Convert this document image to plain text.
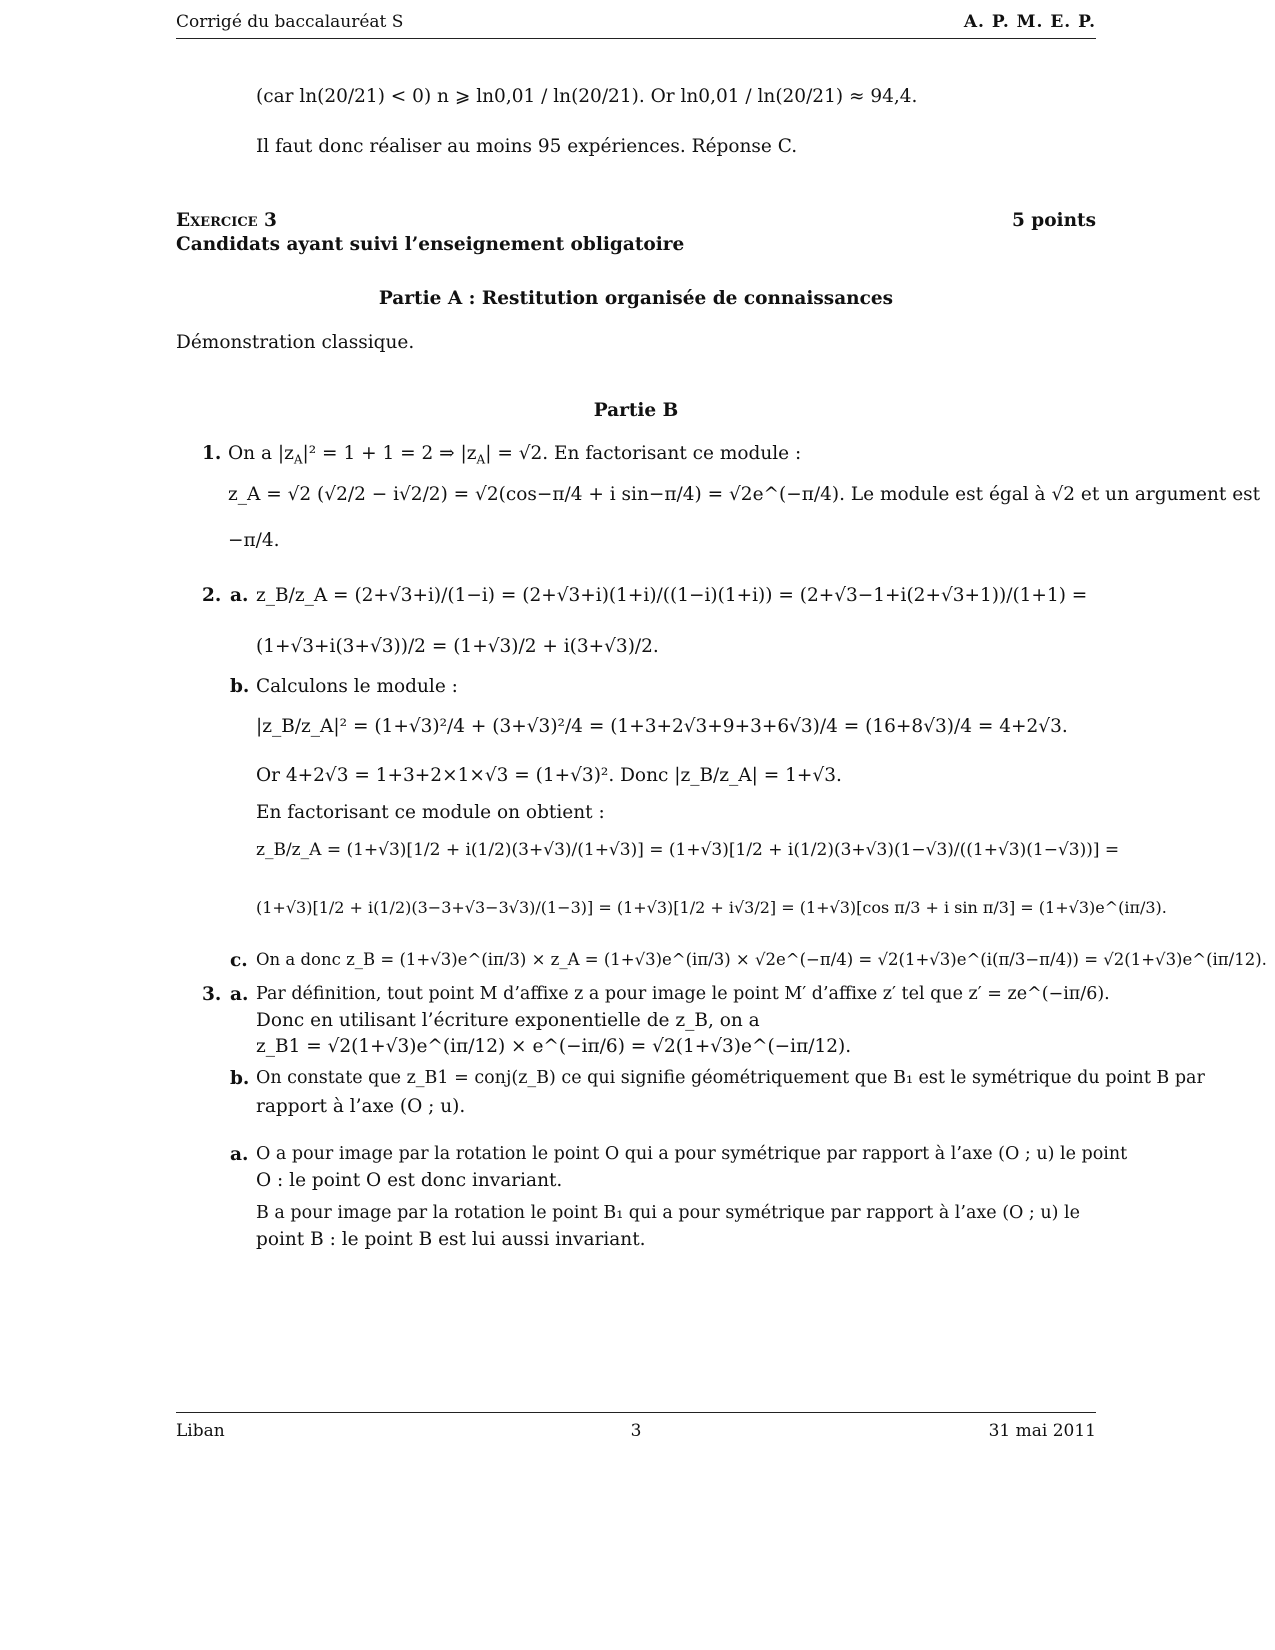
Corrigé du baccalauréat S	A. P. M. E. P.
(car ln(20/21) < 0) n ⩾ ln0,01 / ln(20/21). Or ln0,01 / ln(20/21) ≈ 94,4.
Il faut donc réaliser au moins 95 expériences. Réponse C.
Exercice 3	5 points
Candidats ayant suivi l’enseignement obligatoire
Partie A : Restitution organisée de connaissances
Démonstration classique.
Partie B
1. On a $|z_A|^2 = 1 + 1 = 2$ ⇒ $|z_A| = √2$. En factorisant ce module :
z_A = √2 (√2/2 − i√2/2) = √2(cos−π/4 + i sin−π/4) = √2e^(−π/4). Le module est égal à √2 et un argument est
−π/4.
2. a. z_B/z_A = (2+√3+i)/(1−i) = (2+√3+i)(1+i)/((1−i)(1+i)) = (2+√3−1+i(2+√3+1))/(1+1) =
(1+√3+i(3+√3))/2 = (1+√3)/2 + i(3+√3)/2.
b. Calculons le module :
|z_B/z_A|² = (1+√3)²/4 + (3+√3)²/4 = (1+3+2√3+9+3+6√3)/4 = (16+8√3)/4 = 4+2√3.
Or 4+2√3 = 1+3+2×1×√3 = (1+√3)². Donc |z_B/z_A| = 1+√3.
En factorisant ce module on obtient :
z_B/z_A = (1+√3)[1/2 + i(1/2)(3+√3)/(1+√3)] = (1+√3)[1/2 + i(1/2)(3+√3)(1−√3)/((1+√3)(1−√3))] =
(1+√3)[1/2 + i(1/2)(3−3+√3−3√3)/(1−3)] = (1+√3)[1/2 + i√3/2] = (1+√3)[cos π/3 + i sin π/3] = (1+√3)e^(iπ/3).
c. On a donc z_B = (1+√3)e^(iπ/3) × z_A = (1+√3)e^(iπ/3) × √2e^(−π/4) = √2(1+√3)e^(i(π/3−π/4)) = √2(1+√3)e^(iπ/12).
3. a. Par définition, tout point M d’affixe z a pour image le point M′ d’affixe z′ tel que z′ = ze^(−iπ/6).
Donc en utilisant l’écriture exponentielle de z_B, on a
z_B1 = √2(1+√3)e^(iπ/12) × e^(−iπ/6) = √2(1+√3)e^(−iπ/12).
b. On constate que z_B1 = conj(z_B) ce qui signifie géométriquement que B₁ est le symétrique du point B par
rapport à l’axe (O ; u).
a. O a pour image par la rotation le point O qui a pour symétrique par rapport à l’axe (O ; u) le point
O : le point O est donc invariant.
B a pour image par la rotation le point B₁ qui a pour symétrique par rapport à l’axe (O ; u) le
point B : le point B est lui aussi invariant.
Liban	3	31 mai 2011
